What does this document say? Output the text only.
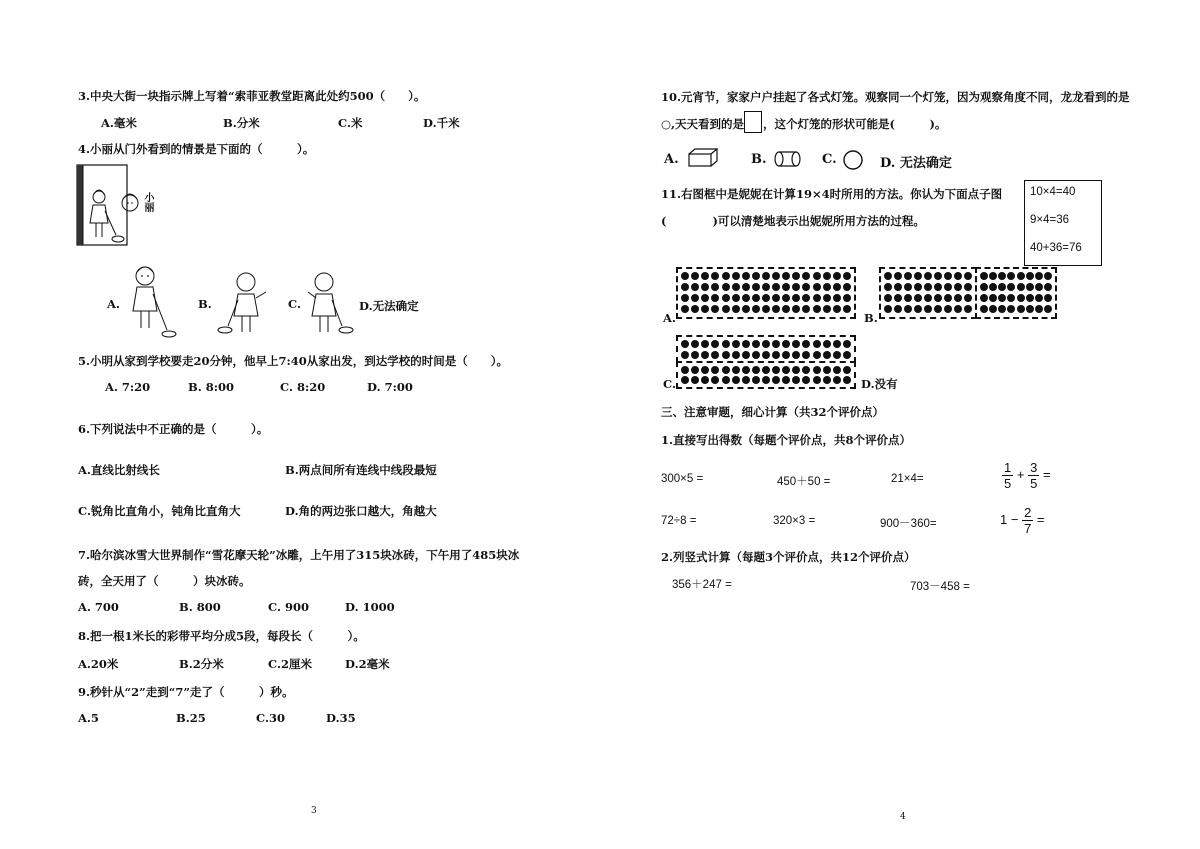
3.中央大街一块指示牌上写着“索菲亚教堂距离此处约500（　　）。
A.毫米	B.分米	C.米	D.千米
4.小丽从门外看到的情景是下面的（　　　）。
小丽
A.	B.	C.	D.无法确定
5.小明从家到学校要走20分钟，他早上7:40从家出发，到达学校的时间是（　　）。
A. 7:20	B. 8:00	C. 8:20	D. 7:00
6.下列说法中不正确的是（　　　）。
A.直线比射线长	B.两点间所有连线中线段最短
C.锐角比直角小，钝角比直角大	D.角的两边张口越大，角越大
7.哈尔滨冰雪大世界制作“雪花摩天轮”冰雕，上午用了315块冰砖，下午用了485块冰
砖，全天用了（　　　）块冰砖。
A. 700	B. 800	C. 900	D. 1000
8.把一根1米长的彩带平均分成5段，每段长（　　　）。
A.20米	B.2分米	C.2厘米	D.2毫米
9.秒针从“2”走到“7”走了（　　　）秒。
A.5	B.25	C.30	D.35
3
10.元宵节，家家户户挂起了各式灯笼。观察同一个灯笼，因为观察角度不同，龙龙看到的是
○,天天看到的是 ，这个灯笼的形状可能是(　　　)。
A.	B.	C.	D. 无法确定
11.右图框中是妮妮在计算19×4时所用的方法。你认为下面点子图
(　　　　)可以清楚地表示出妮妮所用方法的过程。
10×4=40
9×4=36
40+36=76
A.	B.
C.	D.没有
三、注意审题，细心计算（共32个评价点）
1.直接写出得数（每题个评价点，共8个评价点）
300×5 =	450＋50 =	21×4=	$\frac{1}{5} + \frac{3}{5}$ =
72÷8 =	320×3 =	900－360=	$1 - \frac{2}{7}$ =
2.列竖式计算（每题3个评价点，共12个评价点）
356＋247 =	703－458 =
4
